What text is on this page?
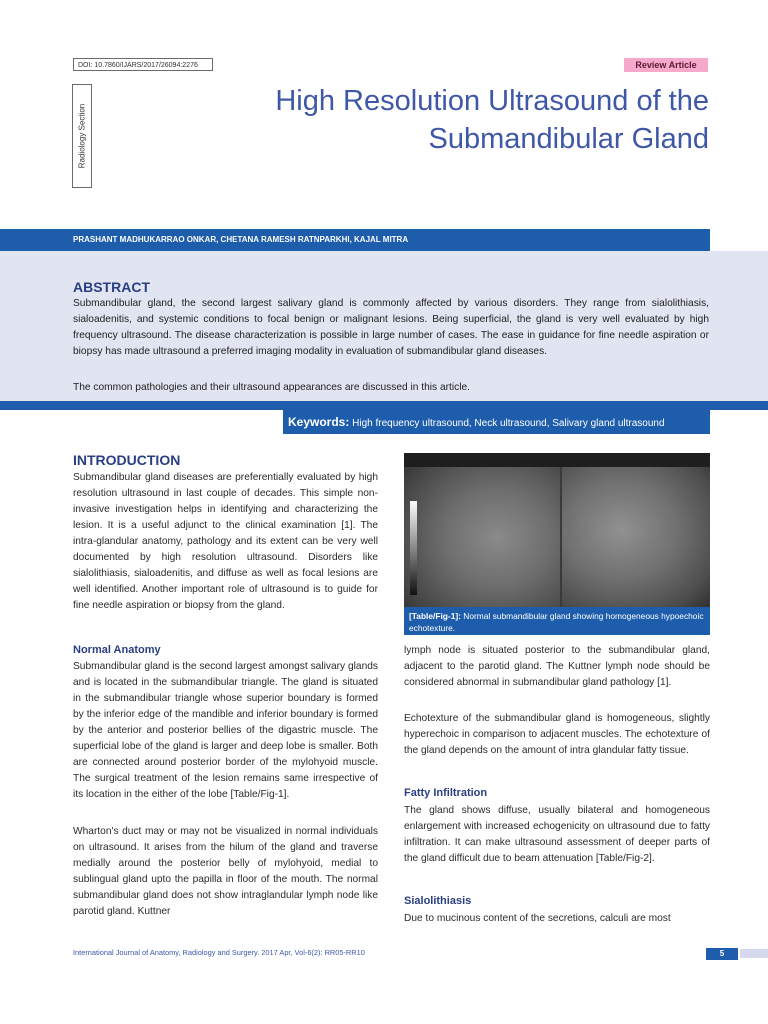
DOI: 10.7860/IJARS/2017/26094:2276	Review Article
Radiology Section
High Resolution Ultrasound of the
Submandibular Gland
PRASHANT MADHUKARRAO ONKAR, CHETANA RAMESH RATNPARKHI, KAJAL MITRA
ABSTRACT

Submandibular gland, the second largest salivary gland is commonly affected by various disorders. They range from sialolithiasis, sialoadenitis, and systemic conditions to focal benign or malignant lesions. Being superficial, the gland is very well evaluated by high frequency ultrasound. The disease characterization is possible in large number of cases. The ease in guidance for fine needle aspiration or biopsy has made ultrasound a preferred imaging modality in evaluation of submandibular gland diseases.

The common pathologies and their ultrasound appearances are discussed in this article.

Keywords: High frequency ultrasound, Neck ultrasound, Salivary gland ultrasound
INTRODUCTION

Submandibular gland diseases are preferentially evaluated by high resolution ultrasound in last couple of decades. This simple non-invasive investigation helps in identifying and characterizing the lesion. It is a useful adjunct to the clinical examination [1]. The intra-glandular anatomy, pathology and its extent can be very well documented by high resolution ultrasound. Disorders like sialolithiasis, sialoadenitis, and diffuse as well as focal lesions are well identified. Another important role of ultrasound is to guide for fine needle aspiration or biopsy from the gland.

Normal Anatomy

Submandibular gland is the second largest amongst salivary glands and is located in the submandibular triangle. The gland is situated in the submandibular triangle whose superior boundary is formed by the inferior edge of the mandible and inferior boundary is formed by the anterior and posterior bellies of the digastric muscle. The superficial lobe of the gland is larger and deep lobe is smaller. Both are connected around posterior border of the mylohyoid muscle. The surgical treatment of the lesion remains same irrespective of its location in the either of the lobe [Table/Fig-1].

Wharton's duct may or may not be visualized in normal individuals on ultrasound. It arises from the hilum of the gland and traverse medially around the posterior belly of mylohyoid, medial to sublingual gland upto the papilla in floor of the mouth. The normal submandibular gland does not show intraglandular lymph node like parotid gland. Kuttner

[Table/Fig-1]: Normal submandibular gland showing homogeneous hypoechoic echotexture.

lymph node is situated posterior to the submandibular gland, adjacent to the parotid gland. The Kuttner lymph node should be considered abnormal in submandibular gland pathology [1].

Echotexture of the submandibular gland is homogeneous, slightly hyperechoic in comparison to adjacent muscles. The echotexture of the gland depends on the amount of intra glandular fatty tissue.

Fatty Infiltration

The gland shows diffuse, usually bilateral and homogeneous enlargement with increased echogenicity on ultrasound due to fatty infiltration. It can make ultrasound assessment of deeper parts of the gland difficult due to beam attenuation [Table/Fig-2].

Sialolithiasis

Due to mucinous content of the secretions, calculi are most

International Journal of Anatomy, Radiology and Surgery. 2017 Apr, Vol-6(2): RR05-RR10	5
